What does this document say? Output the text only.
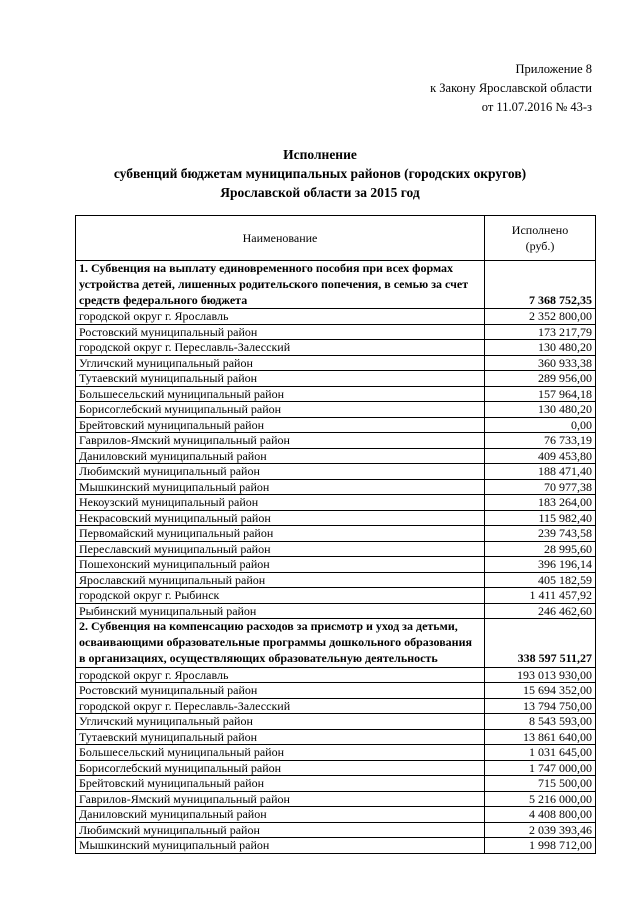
Приложение 8
к Закону Ярославской области
от 11.07.2016 № 43-з
Исполнение
субвенций бюджетам муниципальных районов (городских округов)
Ярославской области за 2015 год
Наименование	Исполнено
(руб.)

1. Субвенция на выплату единовременного пособия при всех формах устройства детей, лишенных родительского попечения, в семью за счет средств федерального бюджета	7 368 752,35
городской округ г. Ярославль	2 352 800,00
Ростовский муниципальный район	173 217,79
городской округ г. Переславль-Залесский	130 480,20
Угличский муниципальный район	360 933,38
Тутаевский муниципальный район	289 956,00
Большесельский муниципальный район	157 964,18
Борисоглебский муниципальный район	130 480,20
Брейтовский муниципальный район	0,00
Гаврилов-Ямский муниципальный район	76 733,19
Даниловский муниципальный район	409 453,80
Любимский муниципальный район	188 471,40
Мышкинский муниципальный район	70 977,38
Некоузский муниципальный район	183 264,00
Некрасовский муниципальный район	115 982,40
Первомайский муниципальный район	239 743,58
Переславский муниципальный район	28 995,60
Пошехонский муниципальный район	396 196,14
Ярославский муниципальный район	405 182,59
городской округ г. Рыбинск	1 411 457,92
Рыбинский муниципальный район	246 462,60
2. Субвенция на компенсацию расходов за присмотр и уход за детьми, осваивающими образовательные программы дошкольного образования в организациях, осуществляющих образовательную деятельность	338 597 511,27
городской округ г. Ярославль	193 013 930,00
Ростовский муниципальный район	15 694 352,00
городской округ г. Переславль-Залесский	13 794 750,00
Угличский муниципальный район	8 543 593,00
Тутаевский муниципальный район	13 861 640,00
Большесельский муниципальный район	1 031 645,00
Борисоглебский муниципальный район	1 747 000,00
Брейтовский муниципальный район	715 500,00
Гаврилов-Ямский муниципальный район	5 216 000,00
Даниловский муниципальный район	4 408 800,00
Любимский муниципальный район	2 039 393,46
Мышкинский муниципальный район	1 998 712,00
